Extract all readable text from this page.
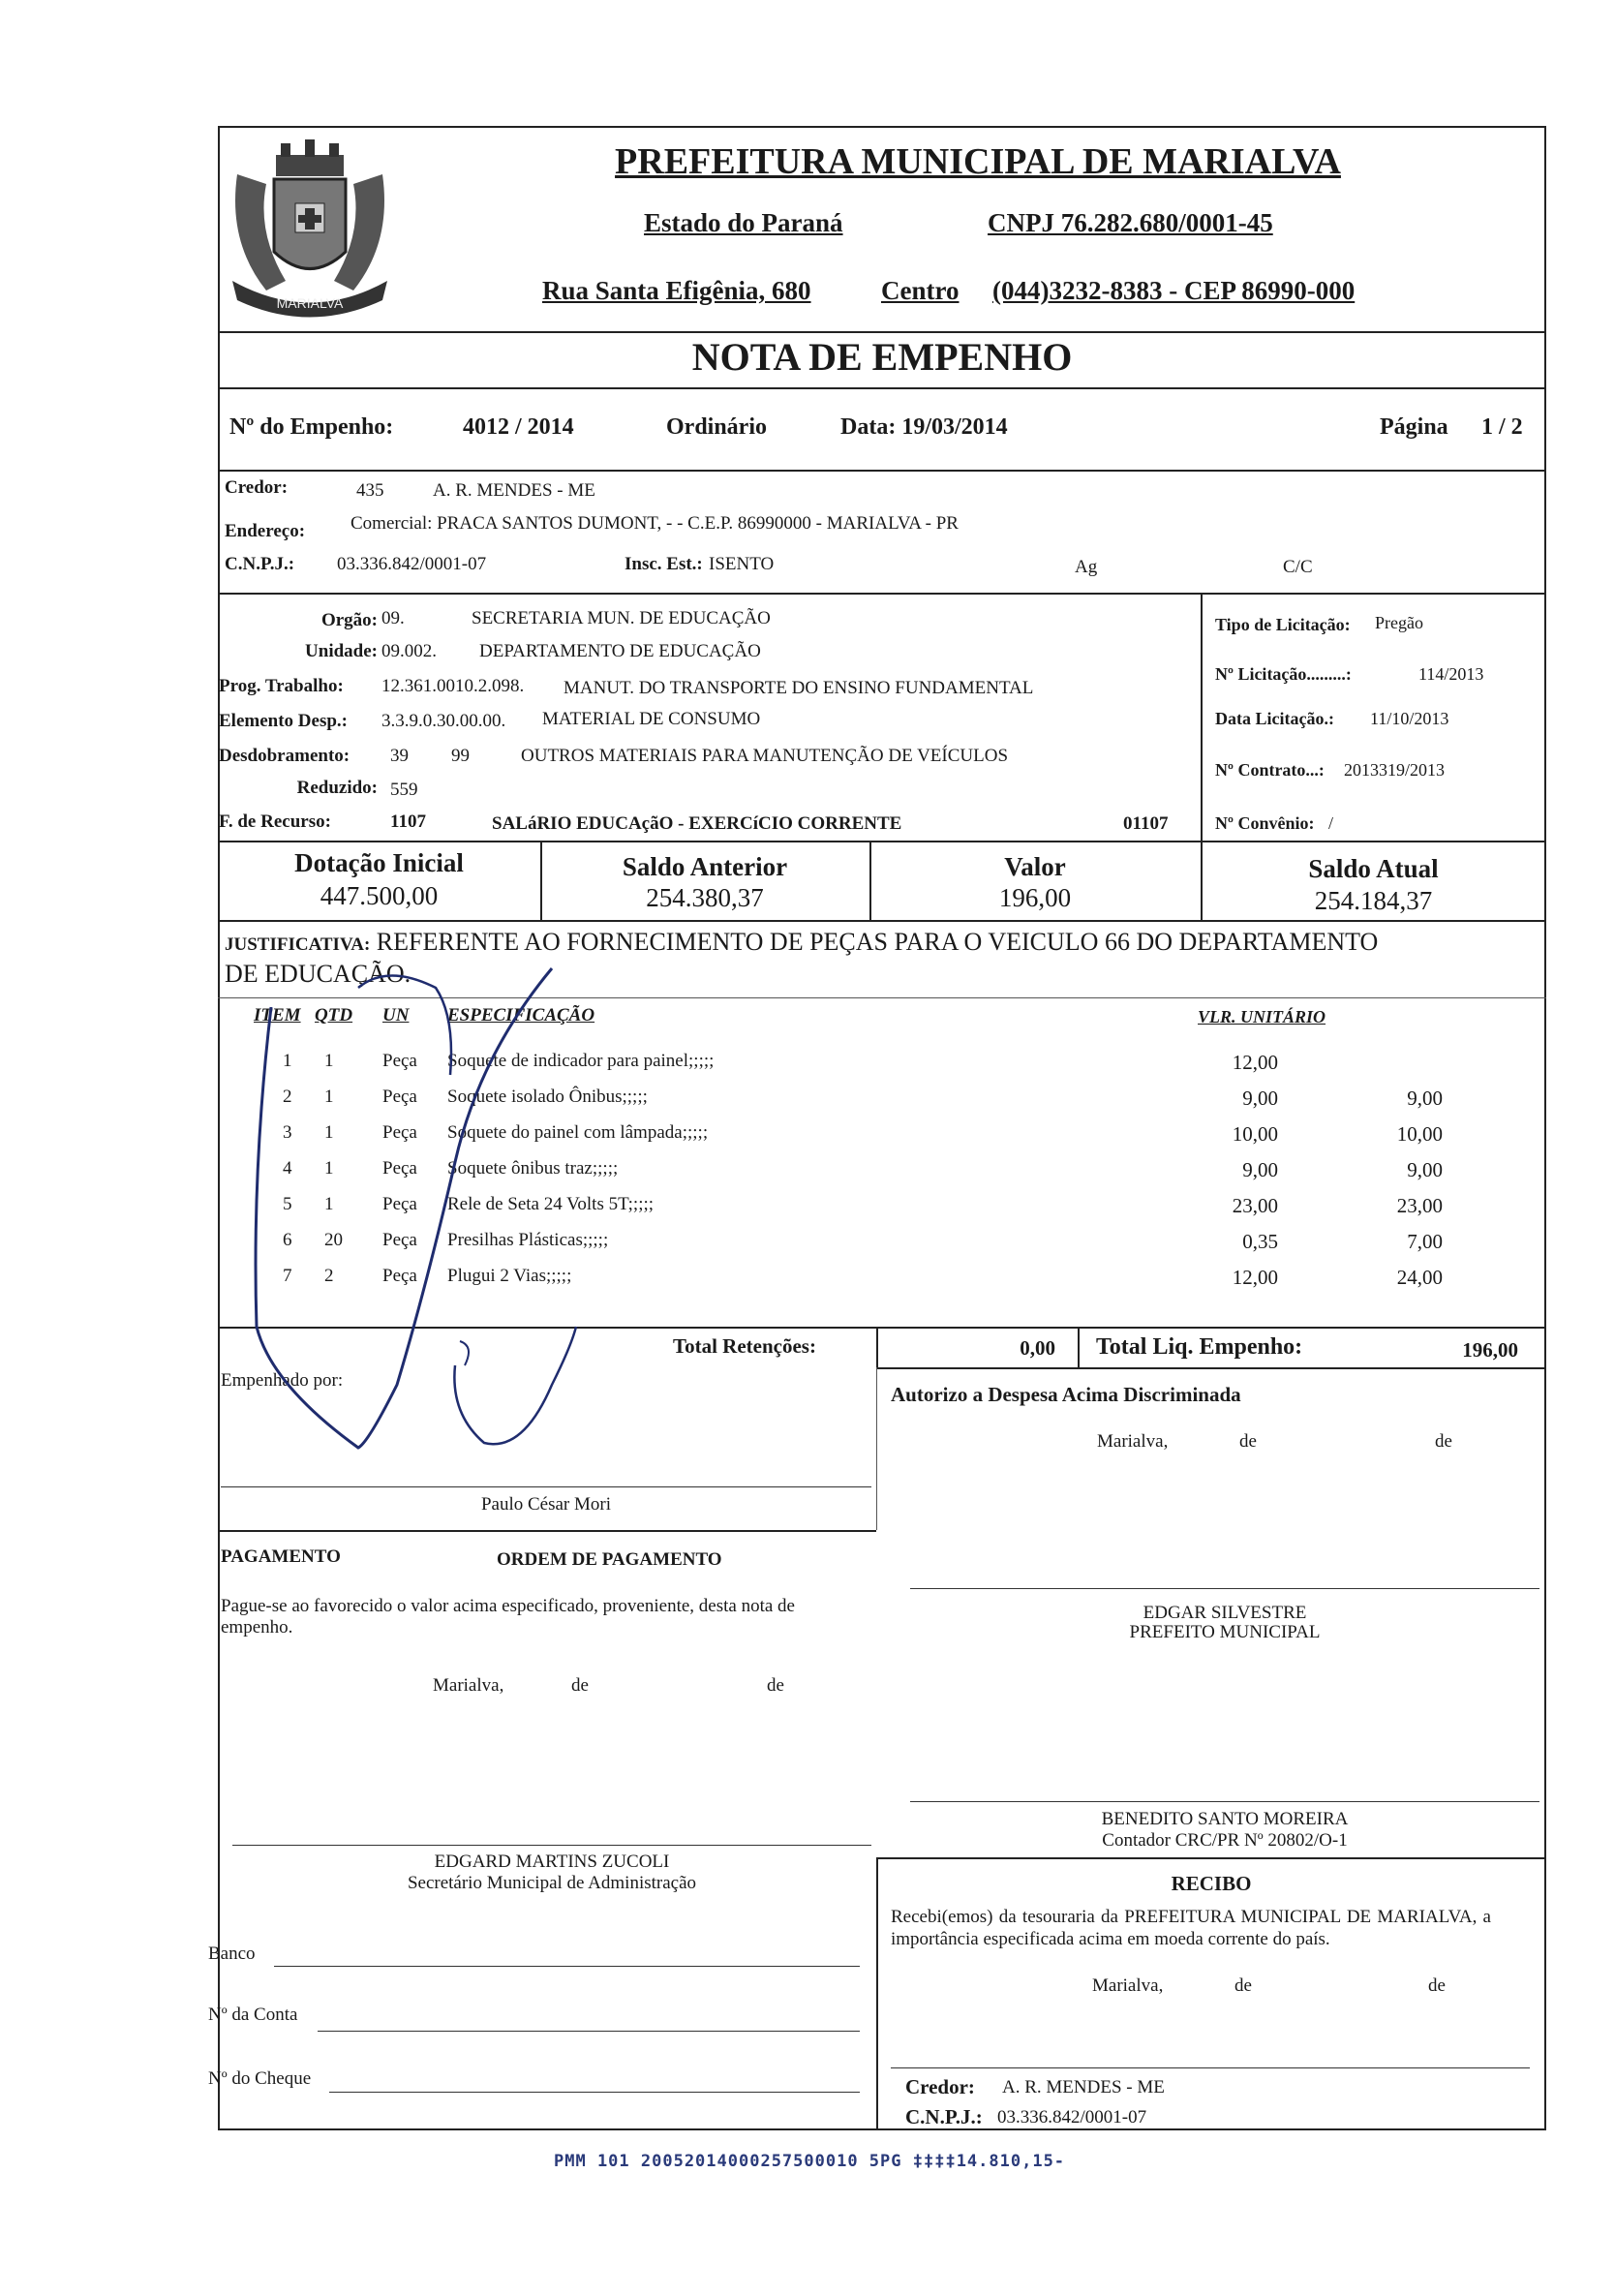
MARIALVA
PREFEITURA MUNICIPAL DE MARIALVA
Estado do Paraná	CNPJ 76.282.680/0001-45
Rua Santa Efigênia, 680	Centro (044)3232-8383 - CEP 86990-000
NOTA DE EMPENHO
Nº do Empenho:	4012 / 2014	Ordinário	Data: 19/03/2014	Página 1 / 2
Credor:	435	A. R. MENDES - ME
Endereço: Comercial: PRACA SANTOS DUMONT, - - C.E.P. 86990000 - MARIALVA - PR
C.N.P.J.: 03.336.842/0001-07	Insc. Est.: ISENTO	Ag	C/C
Orgão: 09.	SECRETARIA MUN. DE EDUCAÇÃO
Unidade: 09.002. DEPARTAMENTO DE EDUCAÇÃO
Prog. Trabalho: 12.361.0010.2.098. MANUT. DO TRANSPORTE DO ENSINO FUNDAMENTAL
Elemento Desp.: 3.3.9.0.30.00.00. MATERIAL DE CONSUMO
Desdobramento: 39 99	OUTROS MATERIAIS PARA MANUTENÇÃO DE VEÍCULOS
Reduzido: 559
F. de Recurso:	1107	SALáRIO EDUCAçãO - EXERCíCIO CORRENTE	01107
Tipo de Licitação: Pregão
Nº Licitação.........:	114/2013
Data Licitação.: 11/10/2013
Nº Contrato...: 2013319/2013
Nº Convênio: /
Dotação Inicial
447.500,00
Saldo Anterior
254.380,37
Valor
196,00
Saldo Atual
254.184,37
JUSTIFICATIVA: REFERENTE AO FORNECIMENTO DE PEÇAS PARA O VEICULO 66 DO DEPARTAMENTO
DE EDUCAÇÃO.
ITEM QTD UN ESPECIFICAÇÃO	VLR. UNITÁRIO
1 1	Peça Soquete de indicador para painel;;;;;	12,00
2 1	Peça Soquete isolado Ônibus;;;;;	9,00	9,00
3 1	Peça Soquete do painel com lâmpada;;;;;	10,00	10,00
4 1	Peça Soquete ônibus traz;;;;;	9,00	9,00
5 1	Peça Rele de Seta 24 Volts 5T;;;;;	23,00	23,00
6 20 Peça Presilhas Plásticas;;;;;	0,35	7,00
7 2	Peça Plugui 2 Vias;;;;;	12,00	24,00
Total Retenções:	0,00 Total Liq. Empenho:	196,00
Empenhado por:
Autorizo a Despesa Acima Discriminada
Marialva,	de	de
Paulo César Mori
PAGAMENTO	ORDEM DE PAGAMENTO
Pague-se ao favorecido o valor acima especificado, proveniente, desta nota de empenho.
Marialva,	de	de
EDGAR SILVESTRE
PREFEITO MUNICIPAL
BENEDITO SANTO MOREIRA
Contador CRC/PR Nº 20802/O-1
EDGARD MARTINS ZUCOLI
Secretário Municipal de Administração	RECIBO
Recebi(emos) da tesouraria da PREFEITURA MUNICIPAL DE MARIALVA, a importância especificada acima em moeda corrente do país.
Marialva,	de	de
Credor: A. R. MENDES - ME
C.N.P.J.: 03.336.842/0001-07
Banco
Nº da Conta
Nº do Cheque
PMM 101 20052014000257500010 5PG ‡‡‡‡14.810,15-
